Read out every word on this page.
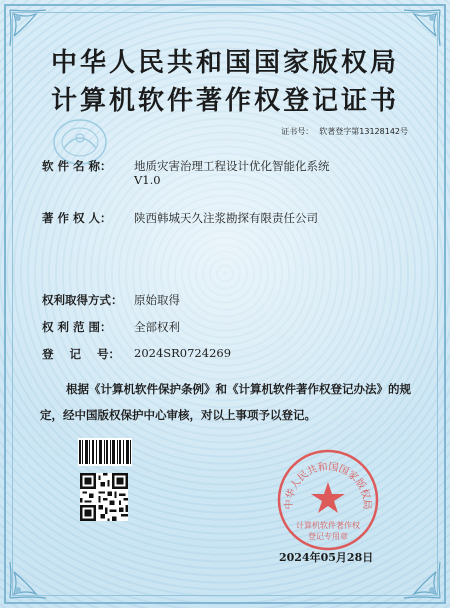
中华人民共和国国家版权局
计算机软件著作权登记证书
证书号： 软著登字第13128142号
软 件 名 称：	地质灾害治理工程设计优化智能化系统
V1.0
著 作 权 人：	陕西韩城天久注浆勘探有限责任公司
权利取得方式：	原始取得
权 利 范 围：	全部权利
登    记    号：	2024SR0724269
根据《计算机软件保护条例》和《计算机软件著作权登记办法》的规定，经中国版权保护中心审核，对以上事项予以登记。
中华人民共和国国家版权局
计算机软件著作权
登记专用章
2024年05月28日
